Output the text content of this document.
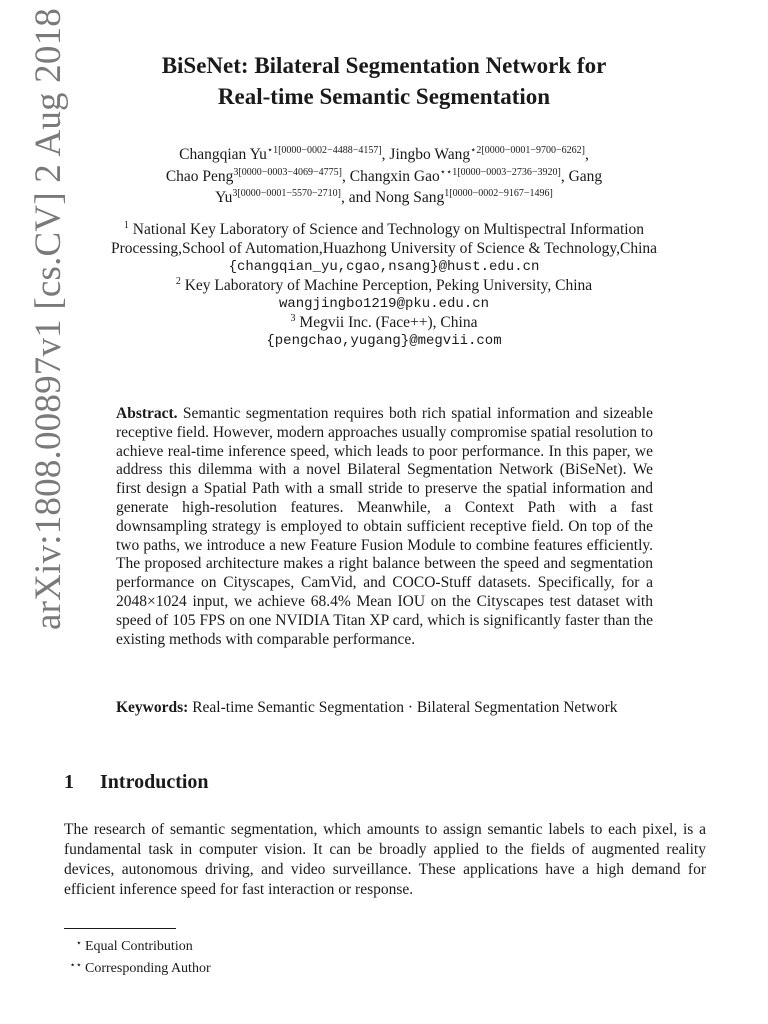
arXiv:1808.00897v1 [cs.CV] 2 Aug 2018	BiSeNet: Bilateral Segmentation Network for
Real-time Semantic Segmentation
Changqian $Yu^{⋆1[0000-0002-4488-4157]}$, Jingbo Wang$^{⋆2[0000-0001-9700-6262]}$,
Chao Peng$^{3[0000-0003-4069-4775]}$, Changxin Gao$^{⋆⋆1[0000-0003-2736-3920]}$, Gang
$Yu^{3[0000-0001-5570-2710]}$, and Nong Sang$^{1[0000-0002-9167-1496]}$
$^1$ National Key Laboratory of Science and Technology on Multispectral Information
Processing,School of Automation,Huazhong University of Science & Technology,China
{changqian_yu,cgao,nsang}@hust.edu.cn
$^2$ Key Laboratory of Machine Perception, Peking University, China
wangjingbo1219@pku.edu.cn
$^3$ Megvii Inc. (Face++), China
{pengchao,yugang}@megvii.com
Abstract. Semantic segmentation requires both rich spatial information and sizeable receptive field. However, modern approaches usually compromise spatial resolution to achieve real-time inference speed, which leads to poor performance. In this paper, we address this dilemma with a novel Bilateral Segmentation Network (BiSeNet). We first design a Spatial Path with a small stride to preserve the spatial information and generate high-resolution features. Meanwhile, a Context Path with a fast downsampling strategy is employed to obtain sufficient receptive field. On top of the two paths, we introduce a new Feature Fusion Module to combine features efficiently. The proposed architecture makes a right balance between the speed and segmentation performance on Cityscapes, CamVid, and COCO-Stuff datasets. Specifically, for a 2048×1024 input, we achieve 68.4% Mean IOU on the Cityscapes test dataset with speed of 105 FPS on one NVIDIA Titan XP card, which is significantly faster than the existing methods with comparable performance.
Keywords: Real-time Semantic Segmentation · Bilateral Segmentation Network
1 Introduction
The research of semantic segmentation, which amounts to assign semantic labels to each pixel, is a fundamental task in computer vision. It can be broadly applied to the fields of augmented reality devices, autonomous driving, and video surveillance. These applications have a high demand for efficient inference speed for fast interaction or response.
⋆ Equal Contribution
⋆⋆ Corresponding Author
